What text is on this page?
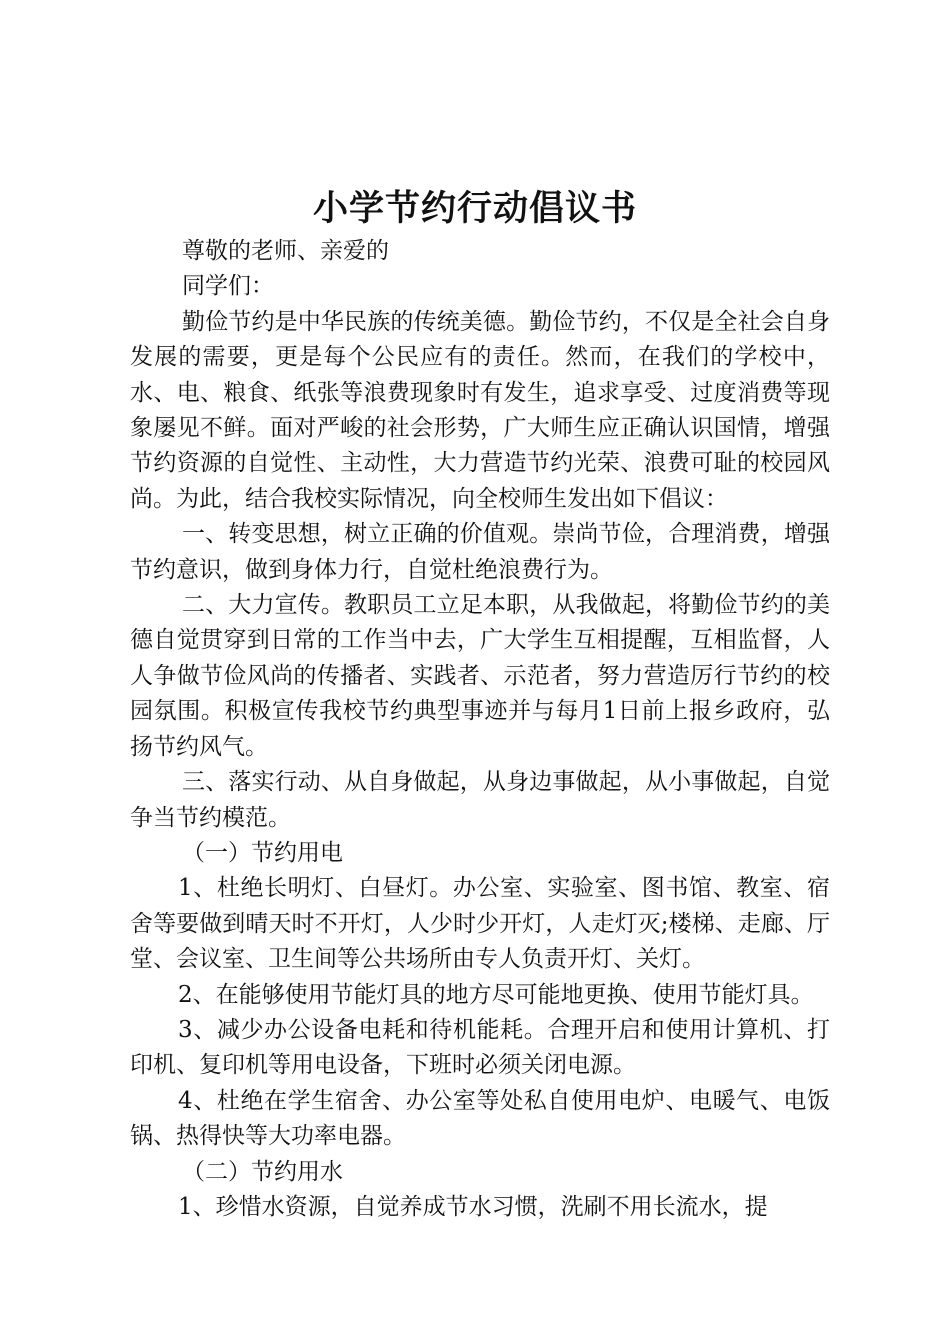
小学节约行动倡议书

尊敬的老师、亲爱的

同学们：

勤俭节约是中华民族的传统美德。勤俭节约，不仅是全社会自身发展的需要，更是每个公民应有的责任。然而，在我们的学校中，水、电、粮食、纸张等浪费现象时有发生，追求享受、过度消费等现象屡见不鲜。面对严峻的社会形势，广大师生应正确认识国情，增强节约资源的自觉性、主动性，大力营造节约光荣、浪费可耻的校园风尚。为此，结合我校实际情况，向全校师生发出如下倡议：

一、转变思想，树立正确的价值观。崇尚节俭，合理消费，增强节约意识，做到身体力行，自觉杜绝浪费行为。

二、大力宣传。教职员工立足本职，从我做起，将勤俭节约的美德自觉贯穿到日常的工作当中去，广大学生互相提醒，互相监督，人人争做节俭风尚的传播者、实践者、示范者，努力营造厉行节约的校园氛围。积极宣传我校节约典型事迹并与每月1日前上报乡政府，弘扬节约风气。

三、落实行动、从自身做起，从身边事做起，从小事做起，自觉争当节约模范。

（一）节约用电

1、杜绝长明灯、白昼灯。办公室、实验室、图书馆、教室、宿舍等要做到晴天时不开灯，人少时少开灯，人走灯灭;楼梯、走廊、厅堂、会议室、卫生间等公共场所由专人负责开灯、关灯。

2、在能够使用节能灯具的地方尽可能地更换、使用节能灯具。

3、减少办公设备电耗和待机能耗。合理开启和使用计算机、打印机、复印机等用电设备，下班时必须关闭电源。

4、杜绝在学生宿舍、办公室等处私自使用电炉、电暖气、电饭锅、热得快等大功率电器。

（二）节约用水

1、珍惜水资源，自觉养成节水习惯，洗刷不用长流水，提
